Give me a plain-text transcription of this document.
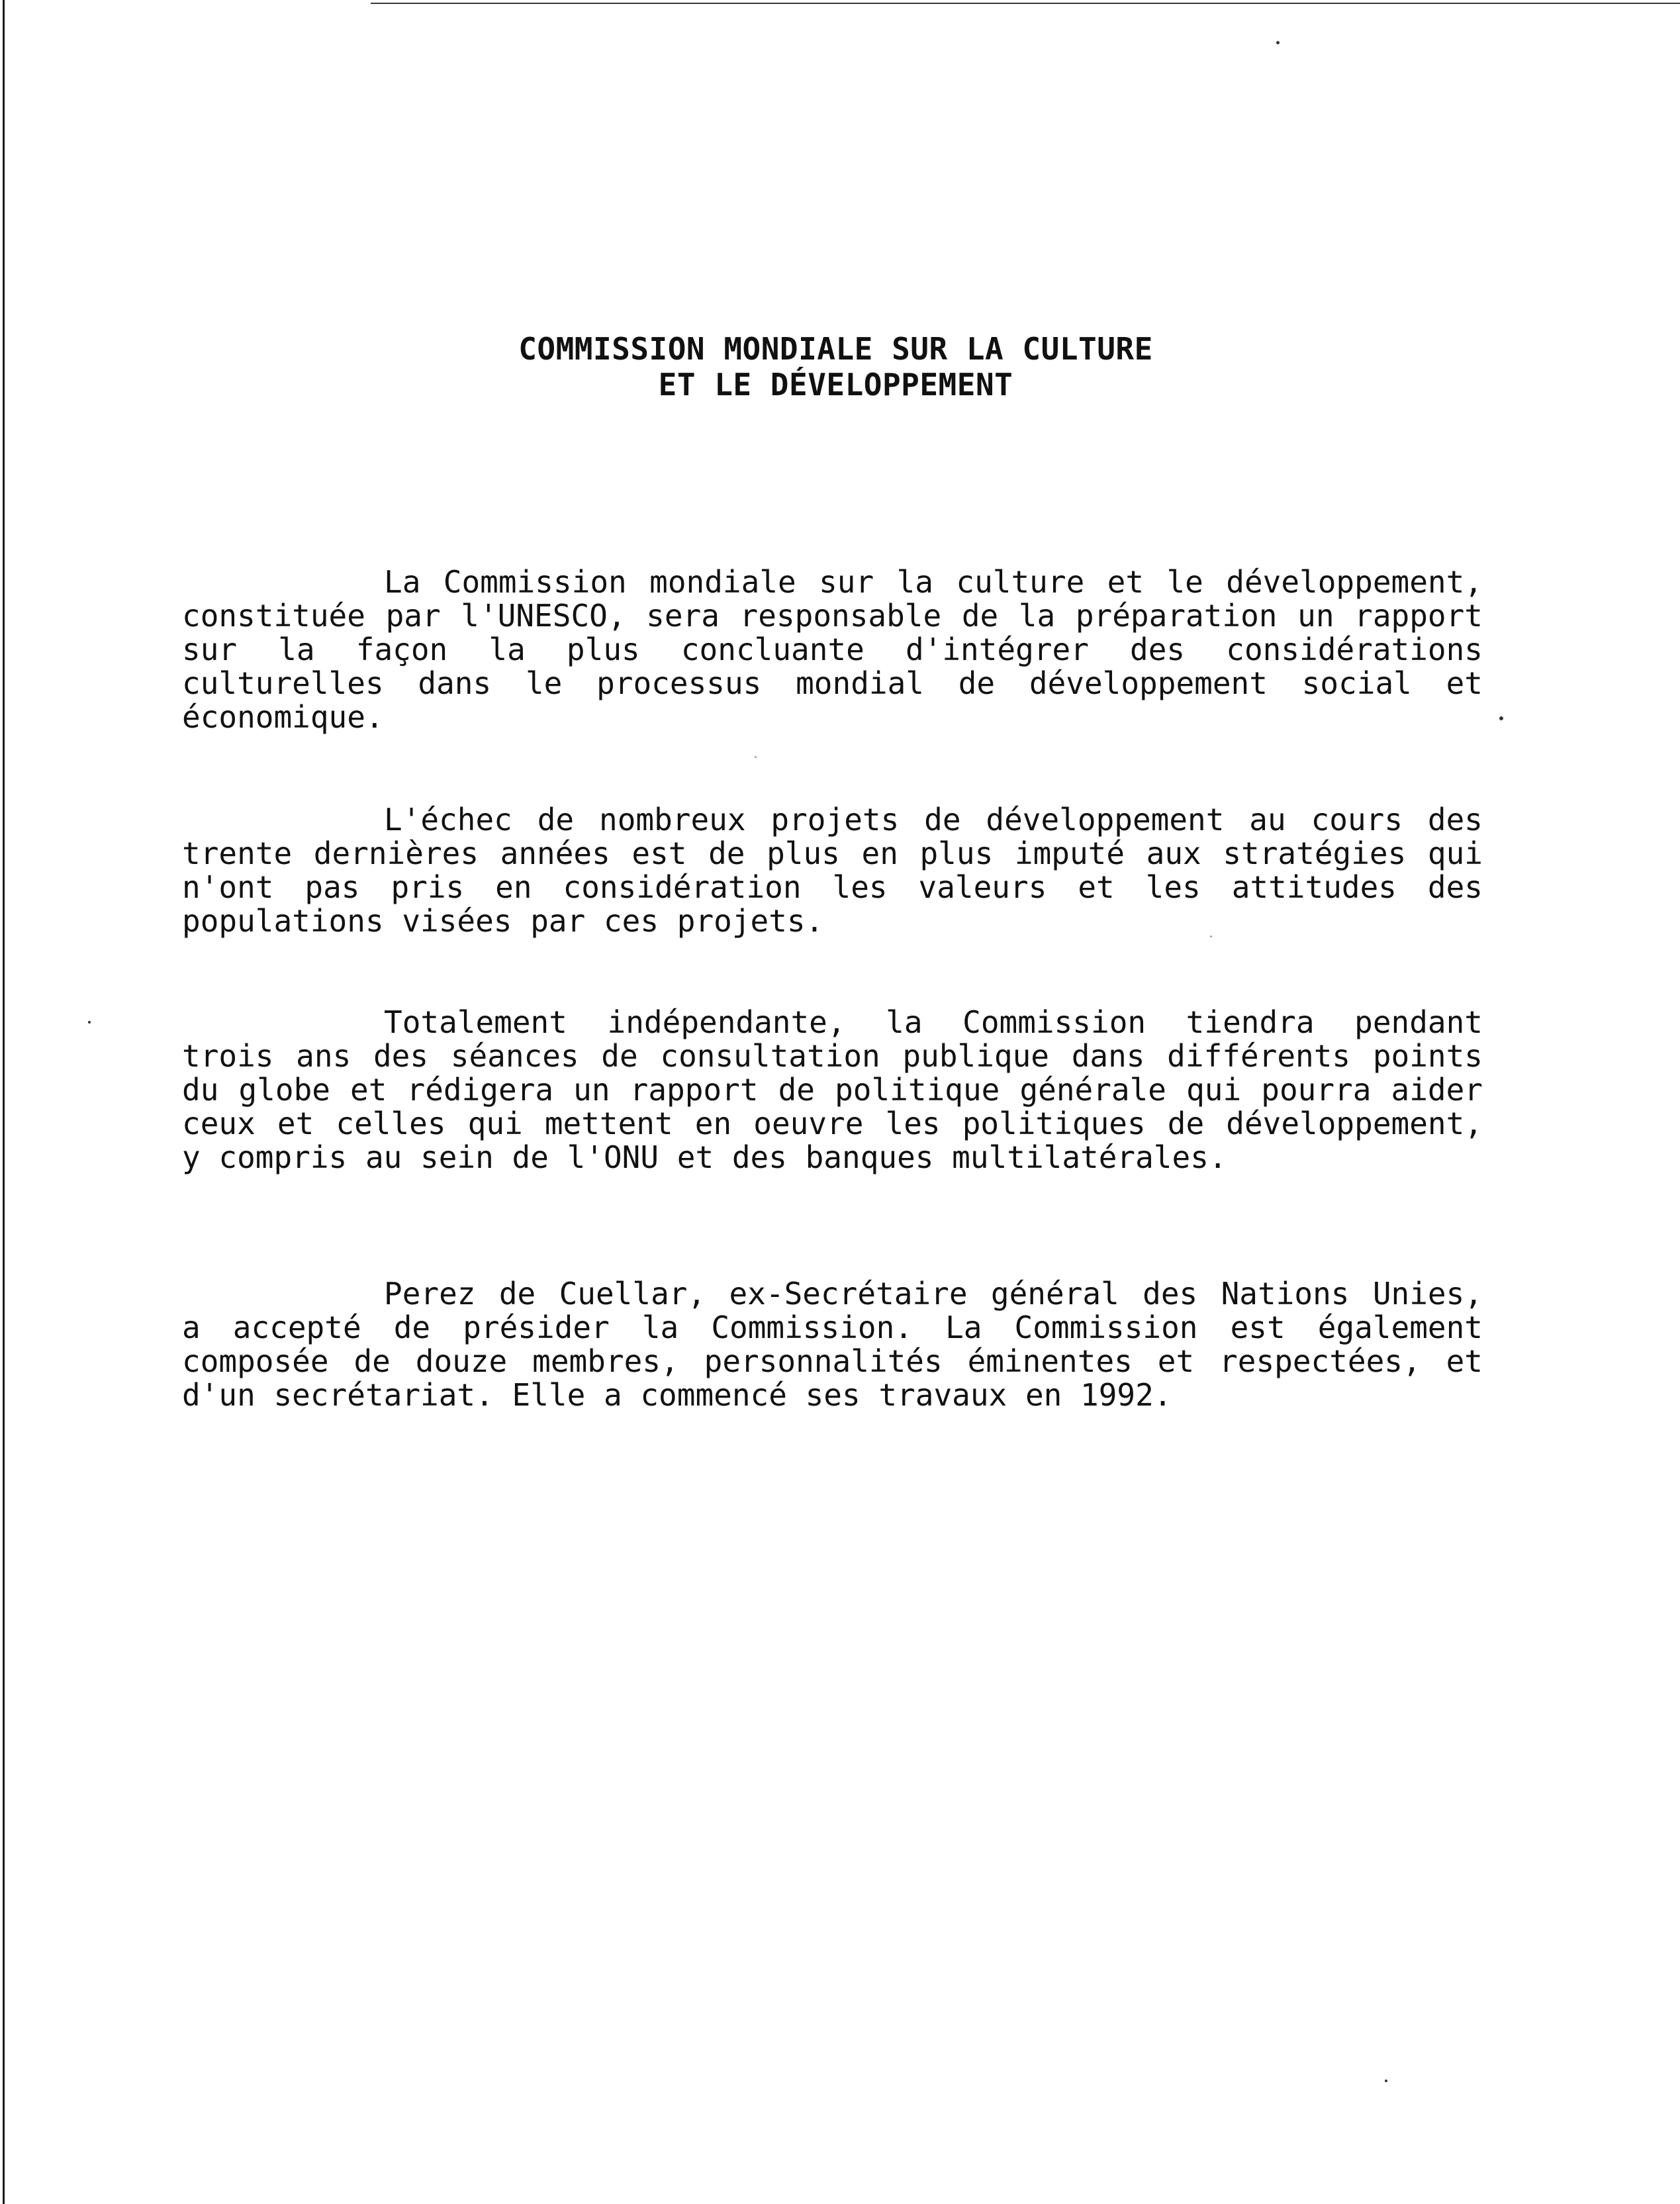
COMMISSION MONDIALE SUR LA CULTURE
ET LE DÉVELOPPEMENT

La Commission mondiale sur la culture et le développement, constituée par l'UNESCO, sera responsable de la préparation un rapport sur la façon la plus concluante d'intégrer des considérations culturelles dans le processus mondial de développement social et économique.

L'échec de nombreux projets de développement au cours des trente dernières années est de plus en plus imputé aux stratégies qui n'ont pas pris en considération les valeurs et les attitudes des populations visées par ces projets.

Totalement indépendante, la Commission tiendra pendant trois ans des séances de consultation publique dans différents points du globe et rédigera un rapport de politique générale qui pourra aider ceux et celles qui mettent en oeuvre les politiques de développement, y compris au sein de l'ONU et des banques multilatérales.

Perez de Cuellar, ex-Secrétaire général des Nations Unies, a accepté de présider la Commission. La Commission est également composée de douze membres, personnalités éminentes et respectées, et d'un secrétariat. Elle a commencé ses travaux en 1992.
